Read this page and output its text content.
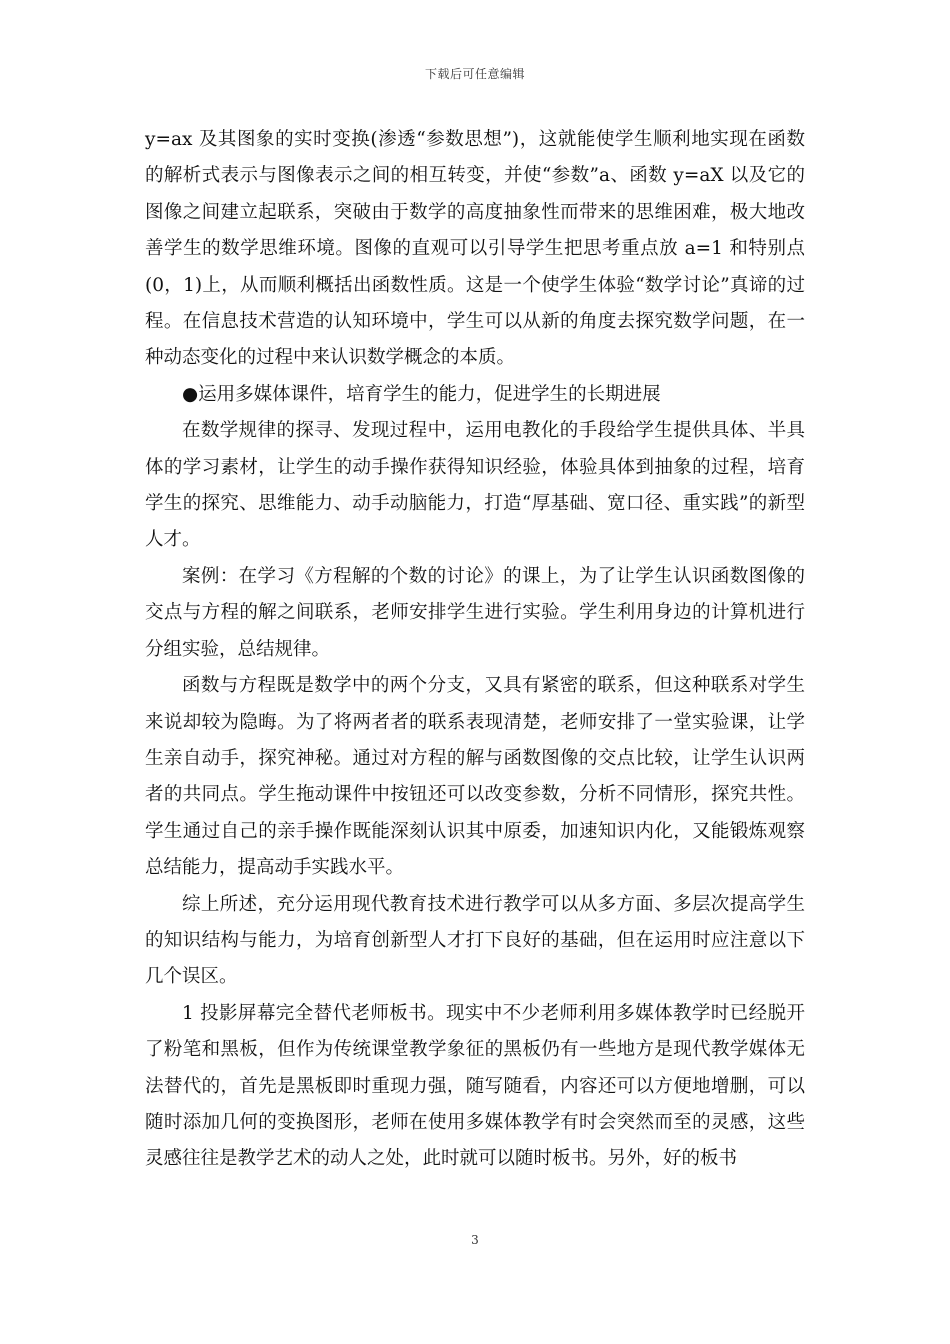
下载后可任意编辑

y=ax 及其图象的实时变换(渗透“参数思想”)，这就能使学生顺利地实现在函数的解析式表示与图像表示之间的相互转变，并使“参数”a、函数 y=aX 以及它的图像之间建立起联系，突破由于数学的高度抽象性而带来的思维困难，极大地改善学生的数学思维环境。图像的直观可以引导学生把思考重点放 a=1 和特别点(0，1)上，从而顺利概括出函数性质。这是一个使学生体验“数学讨论”真谛的过程。在信息技术营造的认知环境中，学生可以从新的角度去探究数学问题，在一种动态变化的过程中来认识数学概念的本质。

●运用多媒体课件，培育学生的能力，促进学生的长期进展

在数学规律的探寻、发现过程中，运用电教化的手段给学生提供具体、半具体的学习素材，让学生的动手操作获得知识经验，体验具体到抽象的过程，培育学生的探究、思维能力、动手动脑能力，打造“厚基础、宽口径、重实践”的新型人才。

案例：在学习《方程解的个数的讨论》的课上，为了让学生认识函数图像的交点与方程的解之间联系，老师安排学生进行实验。学生利用身边的计算机进行分组实验，总结规律。

函数与方程既是数学中的两个分支，又具有紧密的联系，但这种联系对学生来说却较为隐晦。为了将两者者的联系表现清楚，老师安排了一堂实验课，让学生亲自动手，探究神秘。通过对方程的解与函数图像的交点比较，让学生认识两者的共同点。学生拖动课件中按钮还可以改变参数，分析不同情形，探究共性。学生通过自己的亲手操作既能深刻认识其中原委，加速知识内化，又能锻炼观察总结能力，提高动手实践水平。

综上所述，充分运用现代教育技术进行教学可以从多方面、多层次提高学生的知识结构与能力，为培育创新型人才打下良好的基础，但在运用时应注意以下几个误区。

1 投影屏幕完全替代老师板书。现实中不少老师利用多媒体教学时已经脱开了粉笔和黑板，但作为传统课堂教学象征的黑板仍有一些地方是现代教学媒体无法替代的，首先是黑板即时重现力强，随写随看，内容还可以方便地增删，可以随时添加几何的变换图形，老师在使用多媒体教学有时会突然而至的灵感，这些灵感往往是教学艺术的动人之处，此时就可以随时板书。另外，好的板书

3
